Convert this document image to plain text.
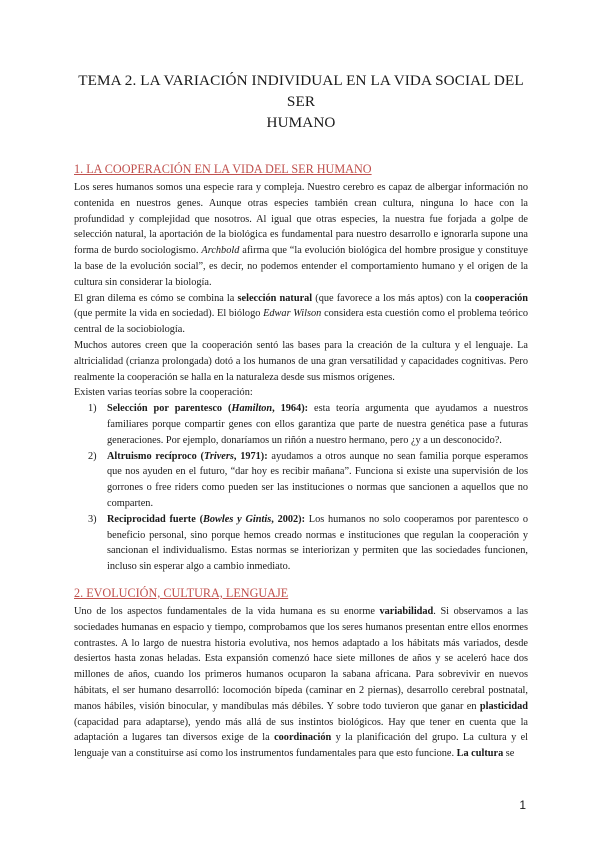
TEMA 2. LA VARIACIÓN INDIVIDUAL EN LA VIDA SOCIAL DEL SER
HUMANO
1. LA COOPERACIÓN EN LA VIDA DEL SER HUMANO

Los seres humanos somos una especie rara y compleja. Nuestro cerebro es capaz de albergar información no contenida en nuestros genes. Aunque otras especies también crean cultura, ninguna lo hace con la profundidad y complejidad que nosotros. Al igual que otras especies, la nuestra fue forjada a golpe de selección natural, la aportación de la biológica es fundamental para nuestro desarrollo e ignorarla supone una forma de burdo sociologismo. Archbold afirma que “la evolución biológica del hombre prosigue y constituye la base de la evolución social”, es decir, no podemos entender el comportamiento humano y el origen de la cultura sin considerar la biología.

El gran dilema es cómo se combina la selección natural (que favorece a los más aptos) con la cooperación (que permite la vida en sociedad). El biólogo Edwar Wilson considera esta cuestión como el problema teórico central de la sociobiología.

Muchos autores creen que la cooperación sentó las bases para la creación de la cultura y el lenguaje. La altricialidad (crianza prolongada) dotó a los humanos de una gran versatilidad y capacidades cognitivas. Pero realmente la cooperación se halla en la naturaleza desde sus mismos orígenes.

Existen varias teorías sobre la cooperación:

1) Selección por parentesco (Hamilton, 1964): esta teoría argumenta que ayudamos a nuestros familiares porque compartir genes con ellos garantiza que parte de nuestra genética pase a futuras generaciones. Por ejemplo, donaríamos un riñón a nuestro hermano, pero ¿y a un desconocido?.
2) Altruismo recíproco (Trivers, 1971): ayudamos a otros aunque no sean familia porque esperamos que nos ayuden en el futuro, “dar hoy es recibir mañana”. Funciona si existe una supervisión de los gorrones o free riders como pueden ser las instituciones o normas que sancionen a aquellos que no comparten.
3) Reciprocidad fuerte (Bowles y Gintis, 2002): Los humanos no solo cooperamos por parentesco o beneficio personal, sino porque hemos creado normas e instituciones que regulan la cooperación y sancionan el individualismo. Estas normas se interiorizan y permiten que las sociedades funcionen, incluso sin esperar algo a cambio inmediato.
2. EVOLUCIÓN, CULTURA, LENGUAJE

Uno de los aspectos fundamentales de la vida humana es su enorme variabilidad. Si observamos a las sociedades humanas en espacio y tiempo, comprobamos que los seres humanos presentan entre ellos enormes contrastes. A lo largo de nuestra historia evolutiva, nos hemos adaptado a los hábitats más variados, desde desiertos hasta zonas heladas. Esta expansión comenzó hace siete millones de años y se aceleró hace dos millones de años, cuando los primeros humanos ocuparon la sabana africana. Para sobrevivir en nuevos hábitats, el ser humano desarrolló: locomoción bípeda (caminar en 2 piernas), desarrollo cerebral postnatal, manos hábiles, visión binocular, y mandíbulas más débiles. Y sobre todo tuvieron que ganar en plasticidad (capacidad para adaptarse), yendo más allá de sus instintos biológicos. Hay que tener en cuenta que la adaptación a lugares tan diversos exige de la coordinación y la planificación del grupo. La cultura y el lenguaje van a constituirse así como los instrumentos fundamentales para que esto funcione. La cultura se

1
